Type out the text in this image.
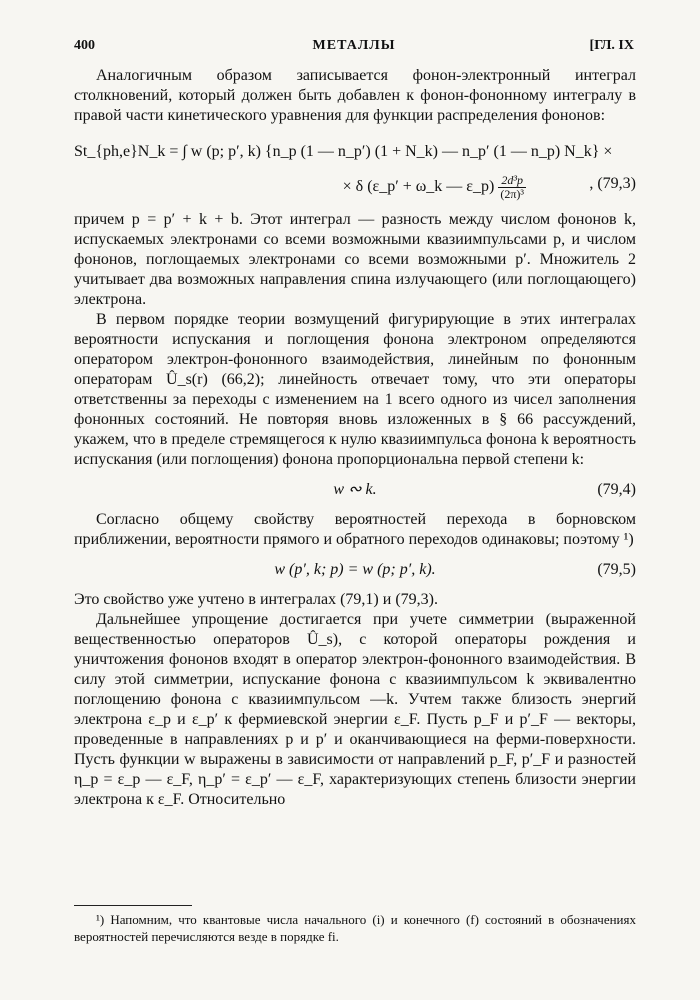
400	МЕТАЛЛЫ	[ГЛ. IX

Аналогичным образом записывается фонон-электронный интеграл столкновений, который должен быть добавлен к фонон-фононному интегралу в правой части кинетического уравнения для функции распределения фононов:

St_{ph,e}N_k = ∫ w (p; p′, k) {n_p (1 — n_p′) (1 + N_k) — n_p′ (1 — n_p) N_k} ×
× δ (ε_p′ + ω_k — ε_p) $\frac{\text{2d³p}}{\text{(2π)³}}$	, (79,3)

причем p = p′ + k + b. Этот интеграл — разность между числом фононов k, испускаемых электронами со всеми возможными квазиимпульсами p, и числом фононов, поглощаемых электронами со всеми возможными p′. Множитель 2 учитывает два возможных направления спина излучающего (или поглощающего) электрона.

В первом порядке теории возмущений фигурирующие в этих интегралах вероятности испускания и поглощения фонона электроном определяются оператором электрон-фононного взаимодействия, линейным по фононным операторам Û_s(r) (66,2); линейность отвечает тому, что эти операторы ответственны за переходы с изменением на 1 всего одного из чисел заполнения фононных состояний. Не повторяя вновь изложенных в § 66 рассуждений, укажем, что в пределе стремящегося к нулю квазиимпульса фонона k вероятность испускания (или поглощения) фонона пропорциональна первой степени k:

w ∾ k.	(79,4)

Согласно общему свойству вероятностей перехода в борновском приближении, вероятности прямого и обратного переходов одинаковы; поэтому ¹)

w (p′, k; p) = w (p; p′, k).	(79,5)

Это свойство уже учтено в интегралах (79,1) и (79,3).

Дальнейшее упрощение достигается при учете симметрии (выраженной вещественностью операторов Û_s), с которой операторы рождения и уничтожения фононов входят в оператор электрон-фононного взаимодействия. В силу этой симметрии, испускание фонона с квазиимпульсом k эквивалентно поглощению фонона с квазиимпульсом —k. Учтем также близость энергий электрона ε_p и ε_p′ к фермиевской энергии ε_F. Пусть p_F и p′_F — векторы, проведенные в направлениях p и p′ и оканчивающиеся на ферми-поверхности. Пусть функции w выражены в зависимости от направлений p_F, p′_F и разностей η_p = ε_p — ε_F, η_p′ = ε_p′ — ε_F, характеризующих степень близости энергии электрона к ε_F. Относительно

¹) Напомним, что квантовые числа начального (i) и конечного (f) состояний в обозначениях вероятностей перечисляются везде в порядке fi.
